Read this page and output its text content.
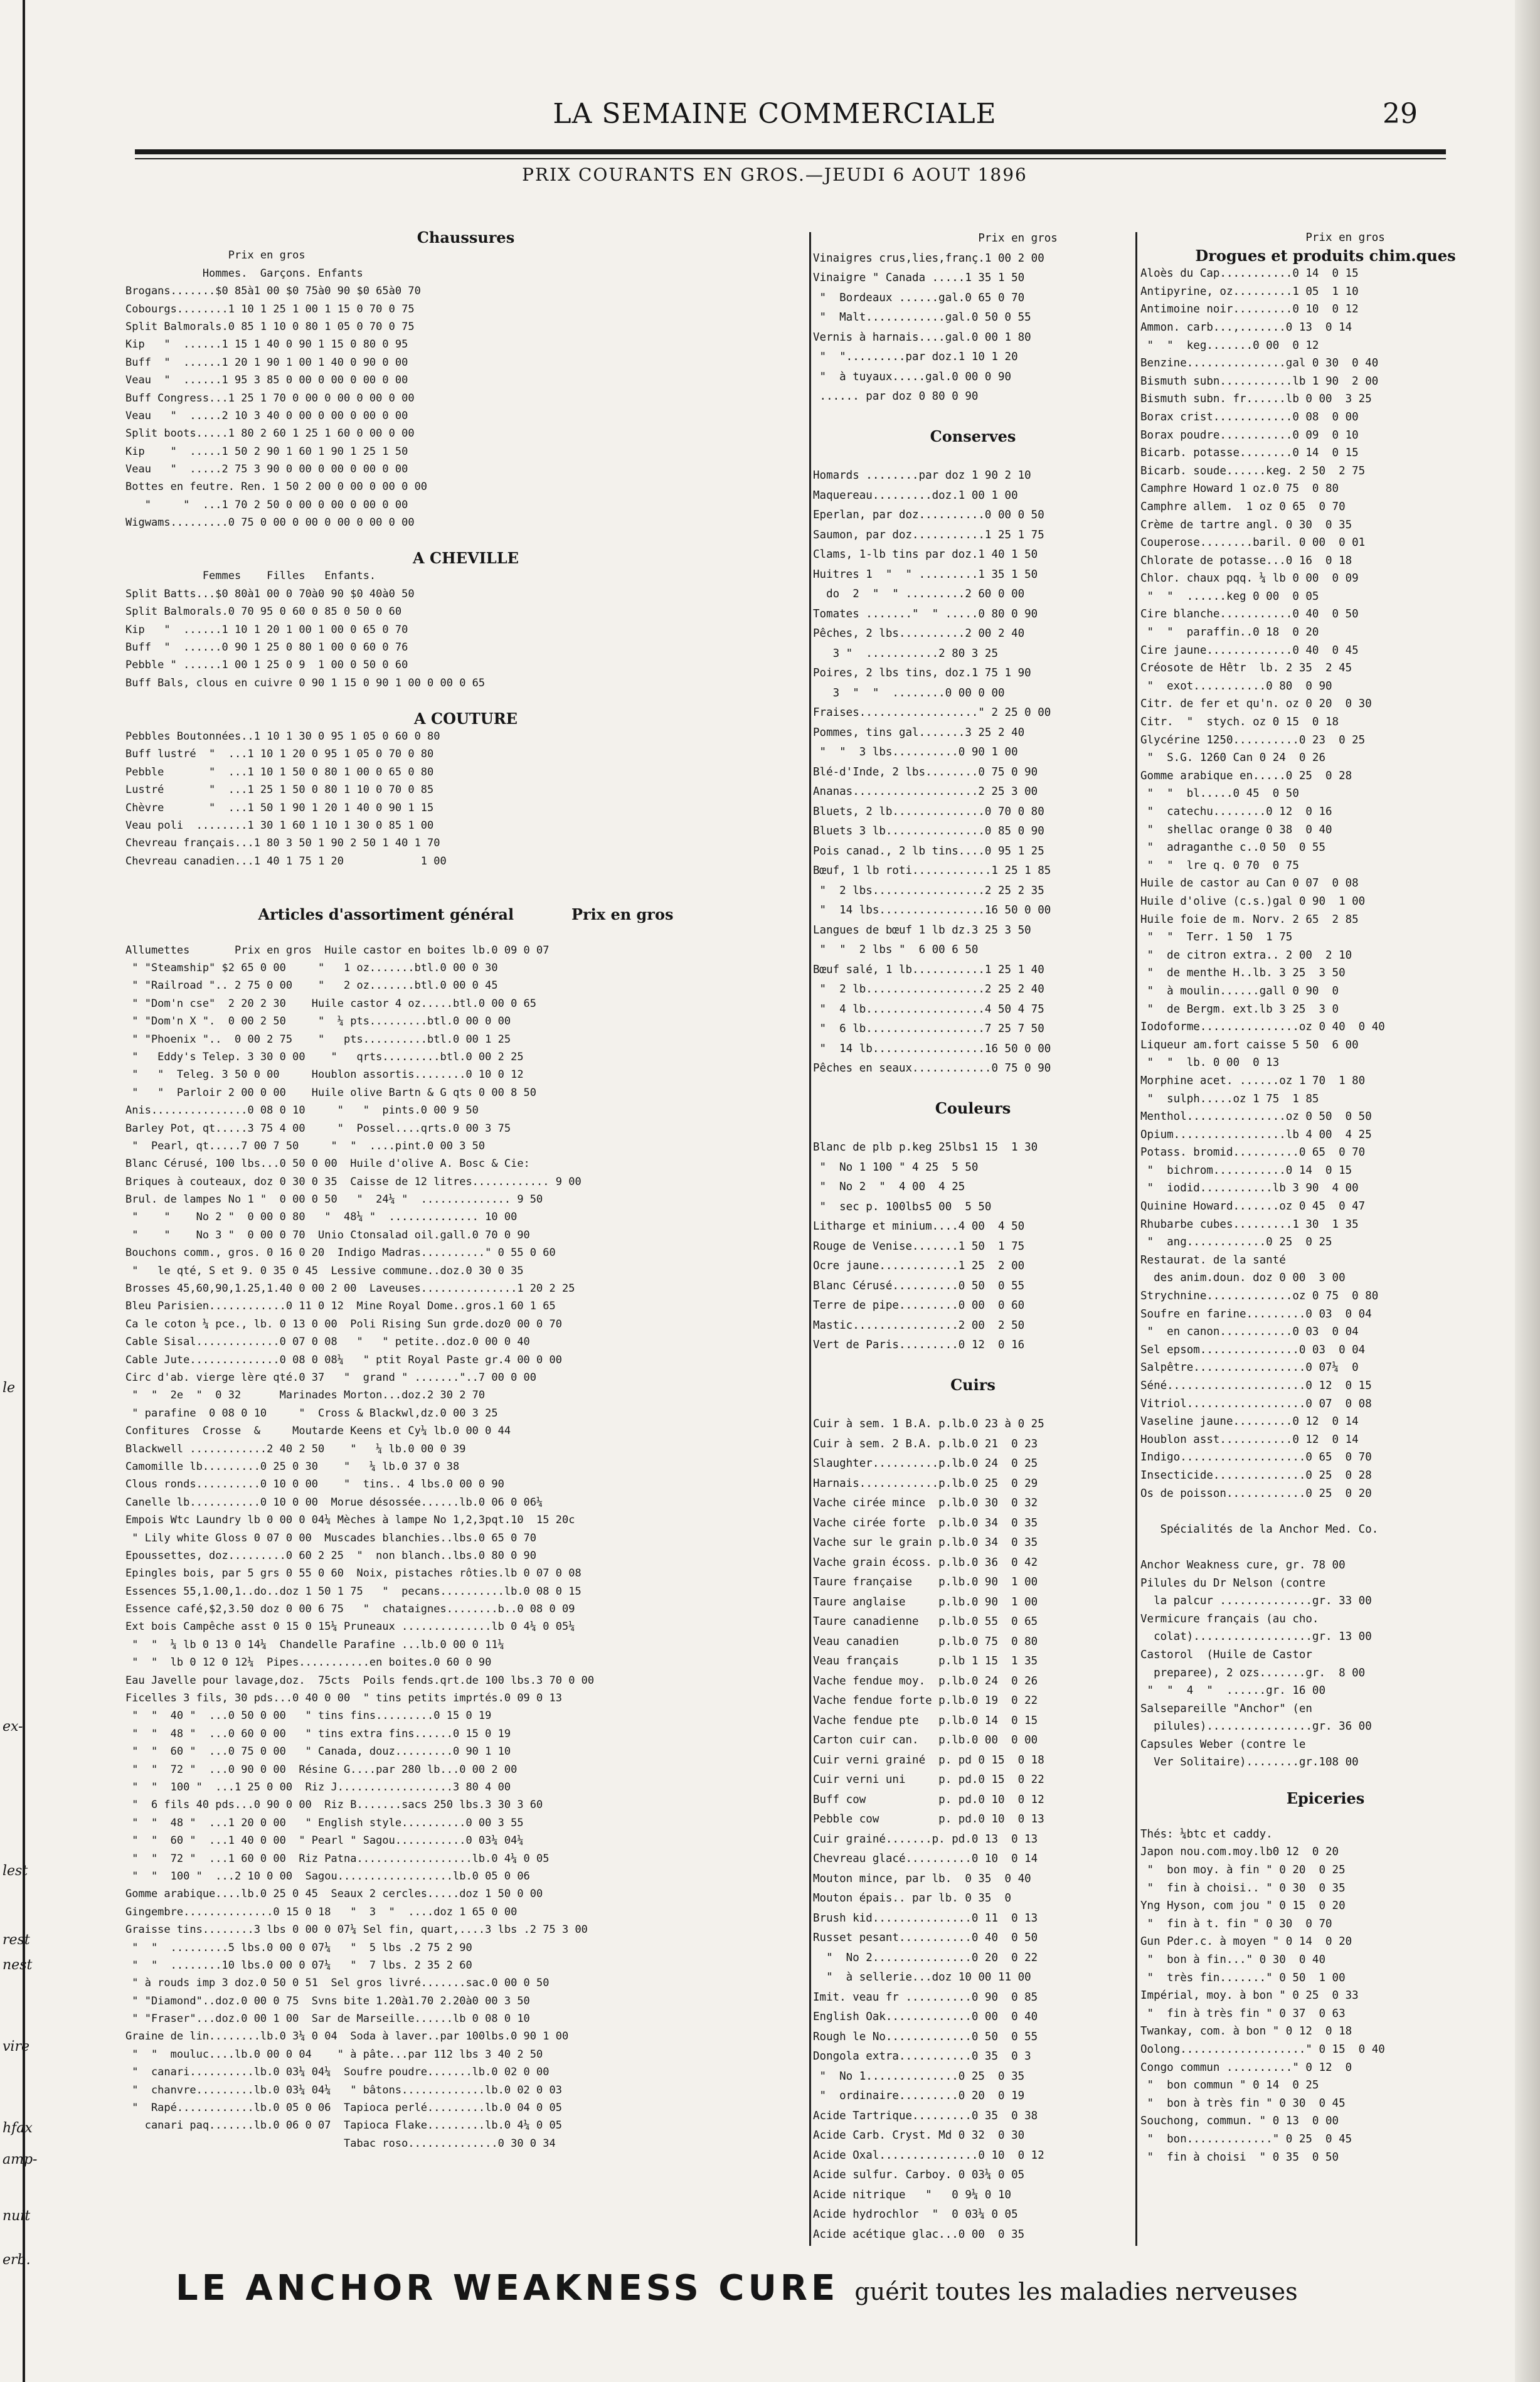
le
ex-
lest
rest
nest
vire
hfax
amp-
nuit
erb.
LA SEMAINE COMMERCIALE	29
PRIX COURANTS EN GROS.—JEUDI 6 AOUT 1896
Chaussures
Prix en gros
Hommes.  Garçons. Enfants
Brogans.......$0 85à1 00 $0 75à0 90 $0 65à0 70
Cobourgs........1 10 1 25 1 00 1 15 0 70 0 75
Split Balmorals.0 85 1 10 0 80 1 05 0 70 0 75
Kip   "  ......1 15 1 40 0 90 1 15 0 80 0 95
Buff  "  ......1 20 1 90 1 00 1 40 0 90 0 00
Veau  "  ......1 95 3 85 0 00 0 00 0 00 0 00
Buff Congress...1 25 1 70 0 00 0 00 0 00 0 00
Veau   "  .....2 10 3 40 0 00 0 00 0 00 0 00
Split boots.....1 80 2 60 1 25 1 60 0 00 0 00
Kip    "  .....1 50 2 90 1 60 1 90 1 25 1 50
Veau   "  .....2 75 3 90 0 00 0 00 0 00 0 00
Bottes en feutre. Ren. 1 50 2 00 0 00 0 00 0 00
"     "  ...1 70 2 50 0 00 0 00 0 00 0 00
Wigwams.........0 75 0 00 0 00 0 00 0 00 0 00
A CHEVILLE
Femmes    Filles   Enfants.
Split Batts...$0 80à1 00 0 70à0 90 $0 40à0 50
Split Balmorals.0 70 95 0 60 0 85 0 50 0 60
Kip   "  ......1 10 1 20 1 00 1 00 0 65 0 70
Buff  "  ......0 90 1 25 0 80 1 00 0 60 0 76
Pebble " ......1 00 1 25 0 9  1 00 0 50 0 60
Buff Bals, clous en cuivre 0 90 1 15 0 90 1 00 0 00 0 65
A COUTURE
Pebbles Boutonnées..1 10 1 30 0 95 1 05 0 60 0 80
Buff lustré  "  ...1 10 1 20 0 95 1 05 0 70 0 80
Pebble       "  ...1 10 1 50 0 80 1 00 0 65 0 80
Lustré       "  ...1 25 1 50 0 80 1 10 0 70 0 85
Chèvre       "  ...1 50 1 90 1 20 1 40 0 90 1 15
Veau poli  ........1 30 1 60 1 10 1 30 0 85 1 00
Chevreau français...1 80 3 50 1 90 2 50 1 40 1 70
Chevreau canadien...1 40 1 75 1 20            1 00
Articles d'assortiment général           Prix en gros
Allumettes       Prix en gros  Huile castor en boites lb.0 09 0 07
" "Steamship" $2 65 0 00     "   1 oz.......btl.0 00 0 30
" "Railroad ".. 2 75 0 00    "   2 oz.......btl.0 00 0 45
" "Dom'n cse"  2 20 2 30    Huile castor 4 oz.....btl.0 00 0 65
" "Dom'n X ".  0 00 2 50     "  ¼ pts.........btl.0 00 0 00
" "Phoenix "..  0 00 2 75    "   pts..........btl.0 00 1 25
"   Eddy's Telep. 3 30 0 00    "   qrts.........btl.0 00 2 25
"   "  Teleg. 3 50 0 00     Houblon assortis........0 10 0 12
"   "  Parloir 2 00 0 00    Huile olive Bartn & G qts 0 00 8 50
Anis...............0 08 0 10     "   "  pints.0 00 9 50
Barley Pot, qt.....3 75 4 00     "  Possel....qrts.0 00 3 75
"  Pearl, qt.....7 00 7 50     "  "  ....pint.0 00 3 50
Blanc Cérusé, 100 lbs...0 50 0 00  Huile d'olive A. Bosc & Cie:
Briques à couteaux, doz 0 30 0 35  Caisse de 12 litres............ 9 00
Brul. de lampes No 1 "  0 00 0 50   "  24¼ "  .............. 9 50
"    "    No 2 "  0 00 0 80   "  48¼ "  .............. 10 00
"    "    No 3 "  0 00 0 70  Unio Ctonsalad oil.gall.0 70 0 90
Bouchons comm., gros. 0 16 0 20  Indigo Madras.........." 0 55 0 60
"   le qté, S et 9. 0 35 0 45  Lessive commune..doz.0 30 0 35
Brosses 45,60,90,1.25,1.40 0 00 2 00  Laveuses...............1 20 2 25
Bleu Parisien............0 11 0 12  Mine Royal Dome..gros.1 60 1 65
Ca le coton ¼ pce., lb. 0 13 0 00  Poli Rising Sun grde.doz0 00 0 70
Cable Sisal.............0 07 0 08   "   " petite..doz.0 00 0 40
Cable Jute..............0 08 0 08¼   " ptit Royal Paste gr.4 00 0 00
Circ d'ab. vierge lère qté.0 37   "  grand " ......."..7 00 0 00
"  "  2e  "  0 32      Marinades Morton...doz.2 30 2 70
" parafine  0 08 0 10     "  Cross & Blackwl,dz.0 00 3 25
Confitures  Crosse  &     Moutarde Keens et Cy¼ lb.0 00 0 44
Blackwell ............2 40 2 50    "   ¼ lb.0 00 0 39
Camomille lb.........0 25 0 30    "   ¼ lb.0 37 0 38
Clous ronds..........0 10 0 00    "  tins.. 4 lbs.0 00 0 90
Canelle lb...........0 10 0 00  Morue désossée......lb.0 06 0 06¼
Empois Wtc Laundry lb 0 00 0 04¼ Mèches à lampe No 1,2,3pqt.10  15 20c
" Lily white Gloss 0 07 0 00  Muscades blanchies..lbs.0 65 0 70
Epoussettes, doz.........0 60 2 25  "  non blanch..lbs.0 80 0 90
Epingles bois, par 5 grs 0 55 0 60  Noix, pistaches rôties.lb 0 07 0 08
Essences 55,1.00,1..do..doz 1 50 1 75   "  pecans..........lb.0 08 0 15
Essence café,$2,3.50 doz 0 00 6 75   "  chataignes........b..0 08 0 09
Ext bois Campêche asst 0 15 0 15¼ Pruneaux ..............lb 0 4¼ 0 05¼
"  "  ¼ lb 0 13 0 14¼  Chandelle Parafine ...lb.0 00 0 11¼
"  "  lb 0 12 0 12¼  Pipes...........en boites.0 60 0 90
Eau Javelle pour lavage,doz.  75cts  Poils fends.qrt.de 100 lbs.3 70 0 00
Ficelles 3 fils, 30 pds...0 40 0 00  " tins petits imprtés.0 09 0 13
"  "  40 "  ...0 50 0 00   " tins fins.........0 15 0 19
"  "  48 "  ...0 60 0 00   " tins extra fins......0 15 0 19
"  "  60 "  ...0 75 0 00   " Canada, douz.........0 90 1 10
"  "  72 "  ...0 90 0 00  Résine G....par 280 lb...0 00 2 00
"  "  100 "  ...1 25 0 00  Riz J..................3 80 4 00
"  6 fils 40 pds...0 90 0 00  Riz B.......sacs 250 lbs.3 30 3 60
"  "  48 "  ...1 20 0 00   " English style..........0 00 3 55
"  "  60 "  ...1 40 0 00  " Pearl " Sagou...........0 03¼ 04¼
"  "  72 "  ...1 60 0 00  Riz Patna..................lb.0 4¼ 0 05
"  "  100 "  ...2 10 0 00  Sagou..................lb.0 05 0 06
Gomme arabique....lb.0 25 0 45  Seaux 2 cercles.....doz 1 50 0 00
Gingembre..............0 15 0 18   "  3  "  ....doz 1 65 0 00
Graisse tins........3 lbs 0 00 0 07¼ Sel fin, quart,....3 lbs .2 75 3 00
"  "  .........5 lbs.0 00 0 07¼   "  5 lbs .2 75 2 90
"  "  ........10 lbs.0 00 0 07¼   "  7 lbs. 2 35 2 60
" à rouds imp 3 doz.0 50 0 51  Sel gros livré.......sac.0 00 0 50
" "Diamond"..doz.0 00 0 75  Svns bite 1.20à1.70 2.20à0 00 3 50
" "Fraser"...doz.0 00 1 00  Sar de Marseille......lb 0 08 0 10
Graine de lin........lb.0 3¼ 0 04  Soda à laver..par 100lbs.0 90 1 00
"  "  mouluc....lb.0 00 0 04    " à pâte...par 112 lbs 3 40 2 50
"  canari..........lb.0 03¼ 04¼  Soufre poudre.......lb.0 02 0 00
"  chanvre.........lb.0 03¼ 04¼   " bâtons.............lb.0 02 0 03
"  Rapé............lb.0 05 0 06  Tapioca perlé.........lb.0 04 0 05
canari paq.......lb.0 06 0 07  Tapioca Flake.........lb.0 4¼ 0 05
Tabac roso..............0 30 0 34
Prix en gros
Vinaigres crus,lies,franç.1 00 2 00
Vinaigre " Canada .....1 35 1 50
"  Bordeaux ......gal.0 65 0 70
"  Malt............gal.0 50 0 55
Vernis à harnais....gal.0 00 1 80
"  ".........par doz.1 10 1 20
"  à tuyaux.....gal.0 00 0 90
...... par doz 0 80 0 90
Conserves
Homards ........par doz 1 90 2 10
Maquereau.........doz.1 00 1 00
Eperlan, par doz..........0 00 0 50
Saumon, par doz...........1 25 1 75
Clams, 1-lb tins par doz.1 40 1 50
Huitres 1  "  " .........1 35 1 50
do  2  "  " .........2 60 0 00
Tomates ......."  " .....0 80 0 90
Pêches, 2 lbs..........2 00 2 40
3 "  ...........2 80 3 25
Poires, 2 lbs tins, doz.1 75 1 90
3  "  "  ........0 00 0 00
Fraises.................." 2 25 0 00
Pommes, tins gal.......3 25 2 40
"  "  3 lbs..........0 90 1 00
Blé-d'Inde, 2 lbs........0 75 0 90
Ananas...................2 25 3 00
Bluets, 2 lb..............0 70 0 80
Bluets 3 lb...............0 85 0 90
Pois canad., 2 lb tins....0 95 1 25
Bœuf, 1 lb roti............1 25 1 85
"  2 lbs.................2 25 2 35
"  14 lbs................16 50 0 00
Langues de bœuf 1 lb dz.3 25 3 50
"  "  2 lbs "  6 00 6 50
Bœuf salé, 1 lb...........1 25 1 40
"  2 lb..................2 25 2 40
"  4 lb..................4 50 4 75
"  6 lb..................7 25 7 50
"  14 lb.................16 50 0 00
Pêches en seaux............0 75 0 90
Couleurs
Blanc de plb p.keg 25lbs1 15  1 30
"  No 1 100 " 4 25  5 50
"  No 2  "  4 00  4 25
"  sec p. 100lbs5 00  5 50
Litharge et minium....4 00  4 50
Rouge de Venise.......1 50  1 75
Ocre jaune............1 25  2 00
Blanc Cérusé..........0 50  0 55
Terre de pipe.........0 00  0 60
Mastic................2 00  2 50
Vert de Paris.........0 12  0 16
Cuirs
Cuir à sem. 1 B.A. p.lb.0 23 à 0 25
Cuir à sem. 2 B.A. p.lb.0 21  0 23
Slaughter..........p.lb.0 24  0 25
Harnais............p.lb.0 25  0 29
Vache cirée mince  p.lb.0 30  0 32
Vache cirée forte  p.lb.0 34  0 35
Vache sur le grain p.lb.0 34  0 35
Vache grain écoss. p.lb.0 36  0 42
Taure française    p.lb.0 90  1 00
Taure anglaise     p.lb.0 90  1 00
Taure canadienne   p.lb.0 55  0 65
Veau canadien      p.lb.0 75  0 80
Veau français      p.lb 1 15  1 35
Vache fendue moy.  p.lb.0 24  0 26
Vache fendue forte p.lb.0 19  0 22
Vache fendue pte   p.lb.0 14  0 15
Carton cuir can.   p.lb.0 00  0 00
Cuir verni grainé  p. pd 0 15  0 18
Cuir verni uni     p. pd.0 15  0 22
Buff cow           p. pd.0 10  0 12
Pebble cow         p. pd.0 10  0 13
Cuir grainé.......p. pd.0 13  0 13
Chevreau glacé..........0 10  0 14
Mouton mince, par lb.  0 35  0 40
Mouton épais.. par lb. 0 35  0
Brush kid...............0 11  0 13
Russet pesant...........0 40  0 50
"  No 2...............0 20  0 22
"  à sellerie...doz 10 00 11 00
Imit. veau fr ..........0 90  0 85
English Oak.............0 00  0 40
Rough le No.............0 50  0 55
Dongola extra...........0 35  0 3
"  No 1..............0 25  0 35
"  ordinaire.........0 20  0 19
Acide Tartrique.........0 35  0 38
Acide Carb. Cryst. Md 0 32  0 30
Acide Oxal...............0 10  0 12
Acide sulfur. Carboy. 0 03¼ 0 05
Acide nitrique   "   0 9¼ 0 10
Acide hydrochlor  "  0 03¼ 0 05
Acide acétique glac...0 00  0 35
Prix en gros
Drogues et produits chim.ques
Aloès du Cap...........0 14  0 15
Antipyrine, oz.........1 05  1 10
Antimoine noir.........0 10  0 12
Ammon. carb...,.......0 13  0 14
"  "  keg.......0 00  0 12
Benzine...............gal 0 30  0 40
Bismuth subn...........lb 1 90  2 00
Bismuth subn. fr......lb 0 00  3 25
Borax crist............0 08  0 00
Borax poudre...........0 09  0 10
Bicarb. potasse........0 14  0 15
Bicarb. soude......keg. 2 50  2 75
Camphre Howard 1 oz.0 75  0 80
Camphre allem.  1 oz 0 65  0 70
Crème de tartre angl. 0 30  0 35
Couperose........baril. 0 00  0 01
Chlorate de potasse...0 16  0 18
Chlor. chaux pqq. ¼ lb 0 00  0 09
"  "  ......keg 0 00  0 05
Cire blanche...........0 40  0 50
"  "  paraffin..0 18  0 20
Cire jaune.............0 40  0 45
Créosote de Hêtr  lb. 2 35  2 45
"  exot...........0 80  0 90
Citr. de fer et qu'n. oz 0 20  0 30
Citr.  "  stych. oz 0 15  0 18
Glycérine 1250..........0 23  0 25
"  S.G. 1260 Can 0 24  0 26
Gomme arabique en.....0 25  0 28
"  "  bl.....0 45  0 50
"  catechu........0 12  0 16
"  shellac orange 0 38  0 40
"  adraganthe c..0 50  0 55
"  "  lre q. 0 70  0 75
Huile de castor au Can 0 07  0 08
Huile d'olive (c.s.)gal 0 90  1 00
Huile foie de m. Norv. 2 65  2 85
"  "  Terr. 1 50  1 75
"  de citron extra.. 2 00  2 10
"  de menthe H..lb. 3 25  3 50
"  à moulin......gall 0 90  0
"  de Bergm. ext.lb 3 25  3 0
Iodoforme...............oz 0 40  0 40
Liqueur am.fort caisse 5 50  6 00
"  "  lb. 0 00  0 13
Morphine acet. ......oz 1 70  1 80
"  sulph.....oz 1 75  1 85
Menthol...............oz 0 50  0 50
Opium.................lb 4 00  4 25
Potass. bromid..........0 65  0 70
"  bichrom...........0 14  0 15
"  iodid...........lb 3 90  4 00
Quinine Howard.......oz 0 45  0 47
Rhubarbe cubes.........1 30  1 35
"  ang............0 25  0 25
Restaurat. de la santé
des anim.doun. doz 0 00  3 00
Strychnine.............oz 0 75  0 80
Soufre en farine.........0 03  0 04
"  en canon...........0 03  0 04
Sel epsom...............0 03  0 04
Salpêtre.................0 07¼  0
Séné.....................0 12  0 15
Vitriol..................0 07  0 08
Vaseline jaune.........0 12  0 14
Houblon asst...........0 12  0 14
Indigo...................0 65  0 70
Insecticide..............0 25  0 28
Os de poisson............0 25  0 20
Spécialités de la Anchor Med. Co.
Anchor Weakness cure, gr. 78 00
Pilules du Dr Nelson (contre
la palcur ..............gr. 33 00
Vermicure français (au cho.
colat)..................gr. 13 00
Castorol  (Huile de Castor
preparee), 2 ozs.......gr.  8 00
"  "  4  "  ......gr. 16 00
Salsepareille "Anchor" (en
pilules)................gr. 36 00
Capsules Weber (contre le
Ver Solitaire)........gr.108 00
Epiceries
Thés: ¼btc et caddy.
Japon nou.com.moy.lb0 12  0 20
"  bon moy. à fin " 0 20  0 25
"  fin à choisi.. " 0 30  0 35
Yng Hyson, com jou " 0 15  0 20
"  fin à t. fin " 0 30  0 70
Gun Pder.c. à moyen " 0 14  0 20
"  bon à fin..." 0 30  0 40
"  très fin......." 0 50  1 00
Impérial, moy. à bon " 0 25  0 33
"  fin à très fin " 0 37  0 63
Twankay, com. à bon " 0 12  0 18
Oolong..................." 0 15  0 40
Congo commun .........." 0 12  0
"  bon commun " 0 14  0 25
"  bon à très fin " 0 30  0 45
Souchong, commun. " 0 13  0 00
"  bon............." 0 25  0 45
"  fin à choisi  " 0 35  0 50
LE ANCHOR WEAKNESS CURE guérit toutes les maladies nerveuses
